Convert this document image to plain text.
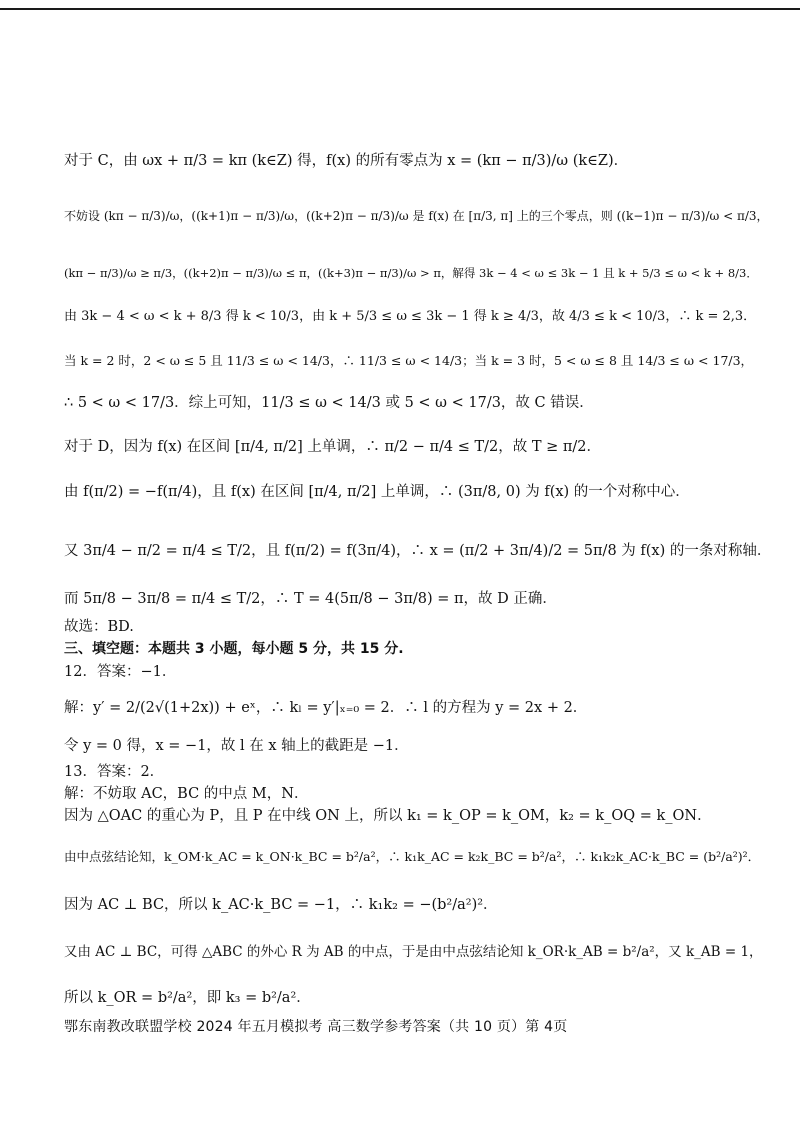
对于 C，由 ωx + π/3 = kπ (k∈Z) 得，f(x) 的所有零点为 x = (kπ − π/3)/ω (k∈Z)．
不妨设 (kπ − π/3)/ω，((k+1)π − π/3)/ω，((k+2)π − π/3)/ω 是 f(x) 在 [π/3, π] 上的三个零点，则 ((k−1)π − π/3)/ω < π/3，
(kπ − π/3)/ω ≥ π/3，((k+2)π − π/3)/ω ≤ π，((k+3)π − π/3)/ω > π，解得 3k − 4 < ω ≤ 3k − 1 且 k + 5/3 ≤ ω < k + 8/3．
由 3k − 4 < ω < k + 8/3 得 k < 10/3，由 k + 5/3 ≤ ω ≤ 3k − 1 得 k ≥ 4/3，故 4/3 ≤ k < 10/3，∴ k = 2,3．
当 k = 2 时，2 < ω ≤ 5 且 11/3 ≤ ω < 14/3，∴ 11/3 ≤ ω < 14/3；当 k = 3 时，5 < ω ≤ 8 且 14/3 ≤ ω < 17/3，
∴ 5 < ω < 17/3．综上可知，11/3 ≤ ω < 14/3 或 5 < ω < 17/3，故 C 错误．
对于 D，因为 f(x) 在区间 [π/4, π/2] 上单调，∴ π/2 − π/4 ≤ T/2，故 T ≥ π/2．
由 f(π/2) = −f(π/4)，且 f(x) 在区间 [π/4, π/2] 上单调，∴ (3π/8, 0) 为 f(x) 的一个对称中心．
又 3π/4 − π/2 = π/4 ≤ T/2，且 f(π/2) = f(3π/4)，∴ x = (π/2 + 3π/4)/2 = 5π/8 为 f(x) 的一条对称轴．
而 5π/8 − 3π/8 = π/4 ≤ T/2，∴ T = 4(5π/8 − 3π/8) = π，故 D 正确．
故选：BD.
三、填空题：本题共 3 小题，每小题 5 分，共 15 分.
12．答案：−1．
解：y′ = 2/(2√(1+2x)) + eˣ，∴ kₗ = y′|ₓ₌₀ = 2．∴ l 的方程为 y = 2x + 2．
令 y = 0 得，x = −1，故 l 在 x 轴上的截距是 −1．
13．答案：2．
解：不妨取 AC，BC 的中点 M，N．
因为 △OAC 的重心为 P，且 P 在中线 ON 上，所以 k₁ = k_OP = k_OM，k₂ = k_OQ = k_ON．
由中点弦结论知，k_OM·k_AC = k_ON·k_BC = b²/a²，∴ k₁k_AC = k₂k_BC = b²/a²，∴ k₁k₂k_AC·k_BC = (b²/a²)²．
因为 AC ⊥ BC，所以 k_AC·k_BC = −1，∴ k₁k₂ = −(b²/a²)²．
又由 AC ⊥ BC，可得 △ABC 的外心 R 为 AB 的中点，于是由中点弦结论知 k_OR·k_AB = b²/a²，又 k_AB = 1，
所以 k_OR = b²/a²，即 k₃ = b²/a²．
鄂东南教改联盟学校 2024 年五月模拟考 高三数学参考答案（共 10 页）第 4页
